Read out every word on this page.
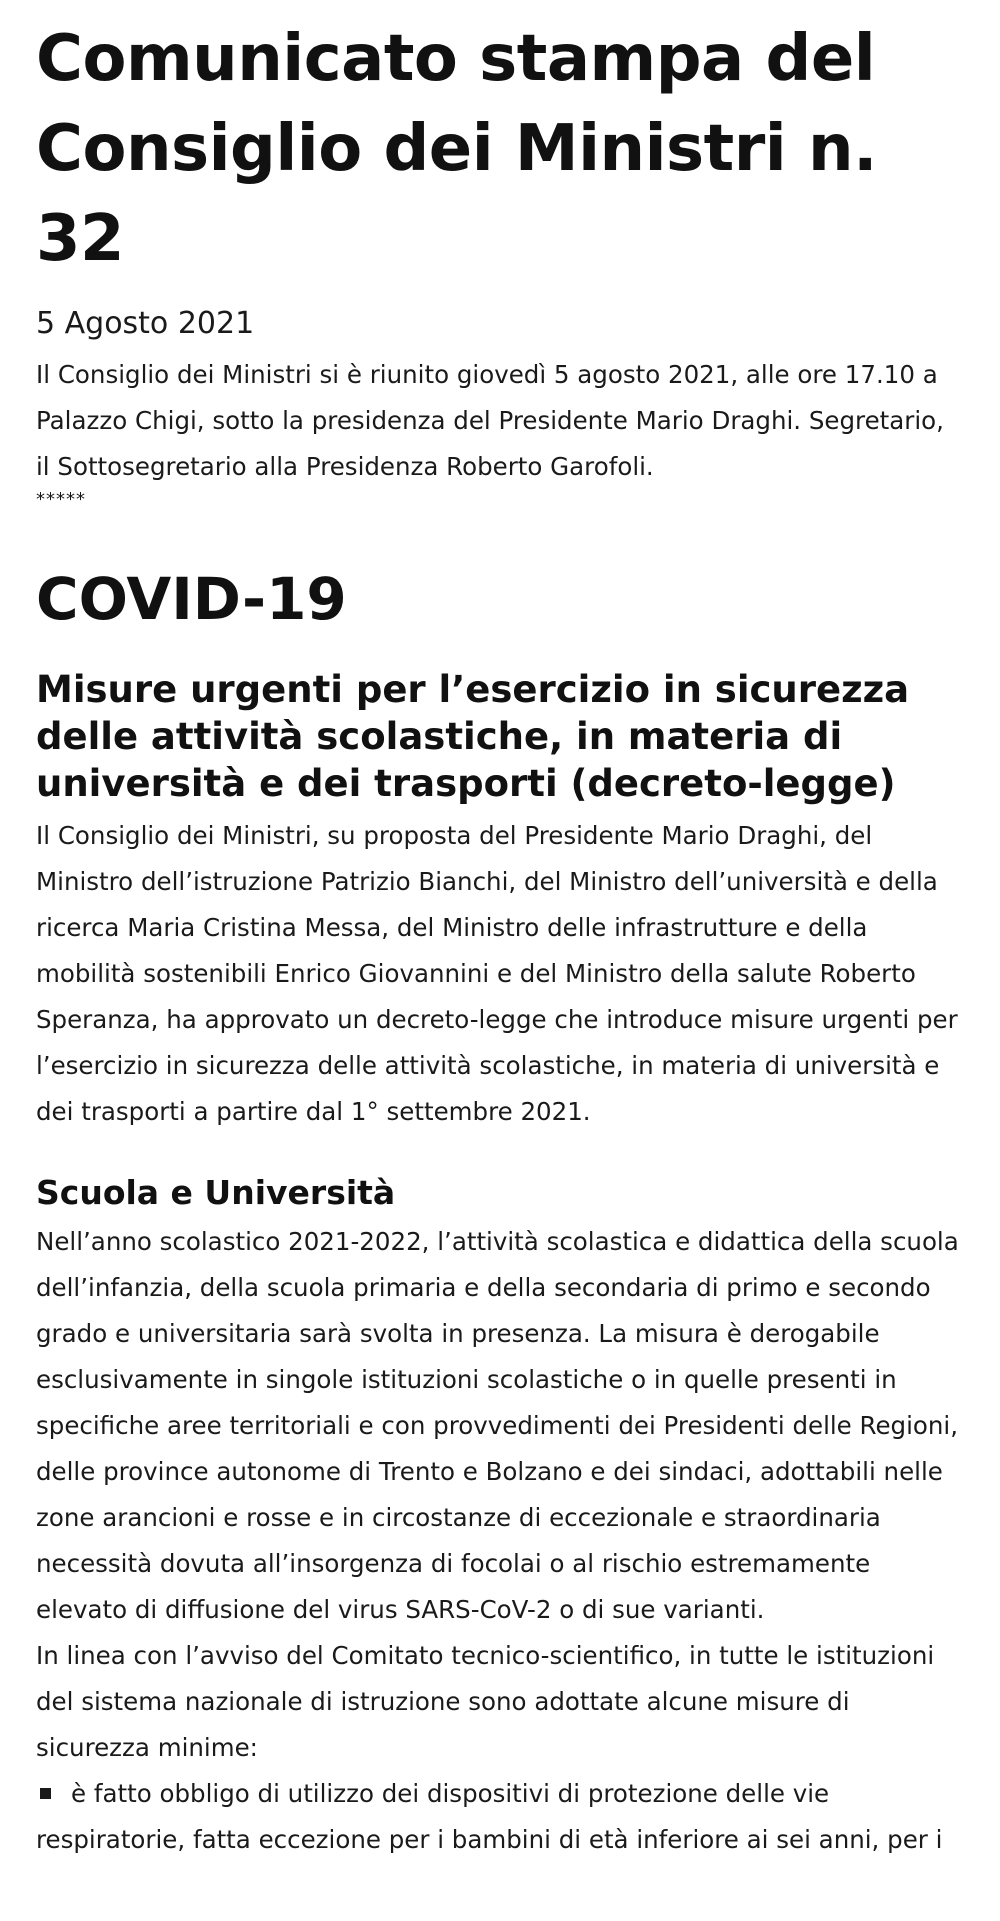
Comunicato stampa del Consiglio dei Ministri n. 32
5 Agosto 2021

Il Consiglio dei Ministri si è riunito giovedì 5 agosto 2021, alle ore 17.10 a Palazzo Chigi, sotto la presidenza del Presidente Mario Draghi. Segretario, il Sottosegretario alla Presidenza Roberto Garofoli.

*****
COVID-19
Misure urgenti per l’esercizio in sicurezza delle attività scolastiche, in materia di università e dei trasporti (decreto-legge)

Il Consiglio dei Ministri, su proposta del Presidente Mario Draghi, del Ministro dell’istruzione Patrizio Bianchi, del Ministro dell’università e della ricerca Maria Cristina Messa, del Ministro delle infrastrutture e della mobilità sostenibili Enrico Giovannini e del Ministro della salute Roberto Speranza, ha approvato un decreto-legge che introduce misure urgenti per l’esercizio in sicurezza delle attività scolastiche, in materia di università e dei trasporti a partire dal 1° settembre 2021.

Scuola e Università

Nell’anno scolastico 2021-2022, l’attività scolastica e didattica della scuola dell’infanzia, della scuola primaria e della secondaria di primo e secondo grado e universitaria sarà svolta in presenza. La misura è derogabile esclusivamente in singole istituzioni scolastiche o in quelle presenti in specifiche aree territoriali e con provvedimenti dei Presidenti delle Regioni, delle province autonome di Trento e Bolzano e dei sindaci, adottabili nelle zone arancioni e rosse e in circostanze di eccezionale e straordinaria necessità dovuta all’insorgenza di focolai o al rischio estremamente elevato di diffusione del virus SARS-CoV-2 o di sue varianti.

In linea con l’avviso del Comitato tecnico-scientifico, in tutte le istituzioni del sistema nazionale di istruzione sono adottate alcune misure di sicurezza minime:

è fatto obbligo di utilizzo dei dispositivi di protezione delle vie respiratorie, fatta eccezione per i bambini di età inferiore ai sei anni, per i
